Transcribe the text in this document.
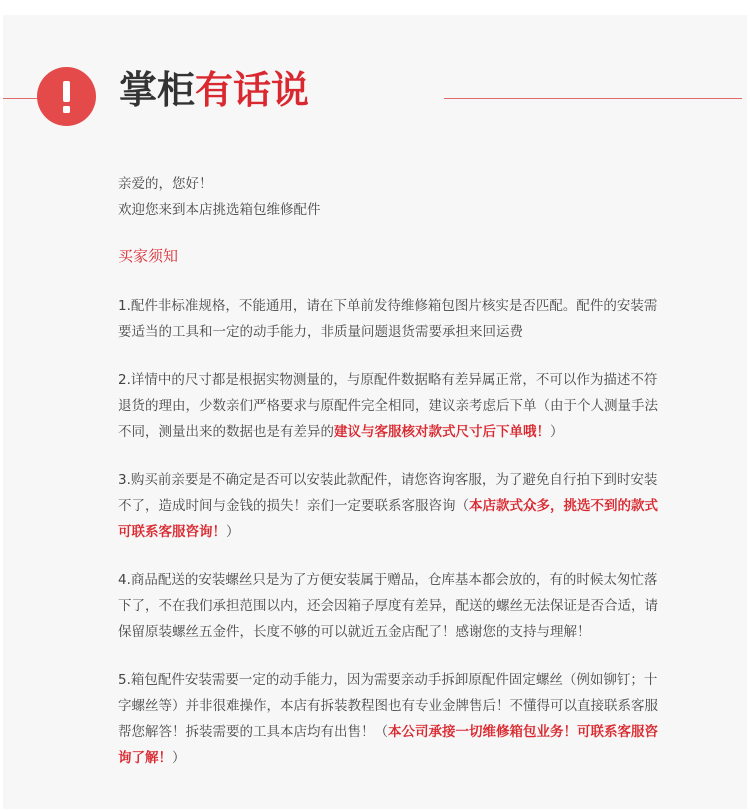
掌柜有话说

亲爱的，您好！

欢迎您来到本店挑选箱包维修配件

买家须知

1.配件非标准规格，不能通用，请在下单前发待维修箱包图片核实是否匹配。配件的安装需要适当的工具和一定的动手能力，非质量问题退货需要承担来回运费

2.详情中的尺寸都是根据实物测量的，与原配件数据略有差异属正常，不可以作为描述不符退货的理由，少数亲们严格要求与原配件完全相同，建议亲考虑后下单（由于个人测量手法不同，测量出来的数据也是有差异的建议与客服核对款式尺寸后下单哦！）

3.购买前亲要是不确定是否可以安装此款配件，请您咨询客服，为了避免自行拍下到时安装不了，造成时间与金钱的损失！亲们一定要联系客服咨询（本店款式众多，挑选不到的款式可联系客服咨询！）

4.商品配送的安装螺丝只是为了方便安装属于赠品，仓库基本都会放的，有的时候太匆忙落下了，不在我们承担范围以内，还会因箱子厚度有差异，配送的螺丝无法保证是否合适，请保留原装螺丝五金件，长度不够的可以就近五金店配了！感谢您的支持与理解！

5.箱包配件安装需要一定的动手能力，因为需要亲动手拆卸原配件固定螺丝（例如铆钉；十字螺丝等）并非很难操作，本店有拆装教程图也有专业金牌售后！不懂得可以直接联系客服帮您解答！拆装需要的工具本店均有出售！（本公司承接一切维修箱包业务！可联系客服咨询了解！）
